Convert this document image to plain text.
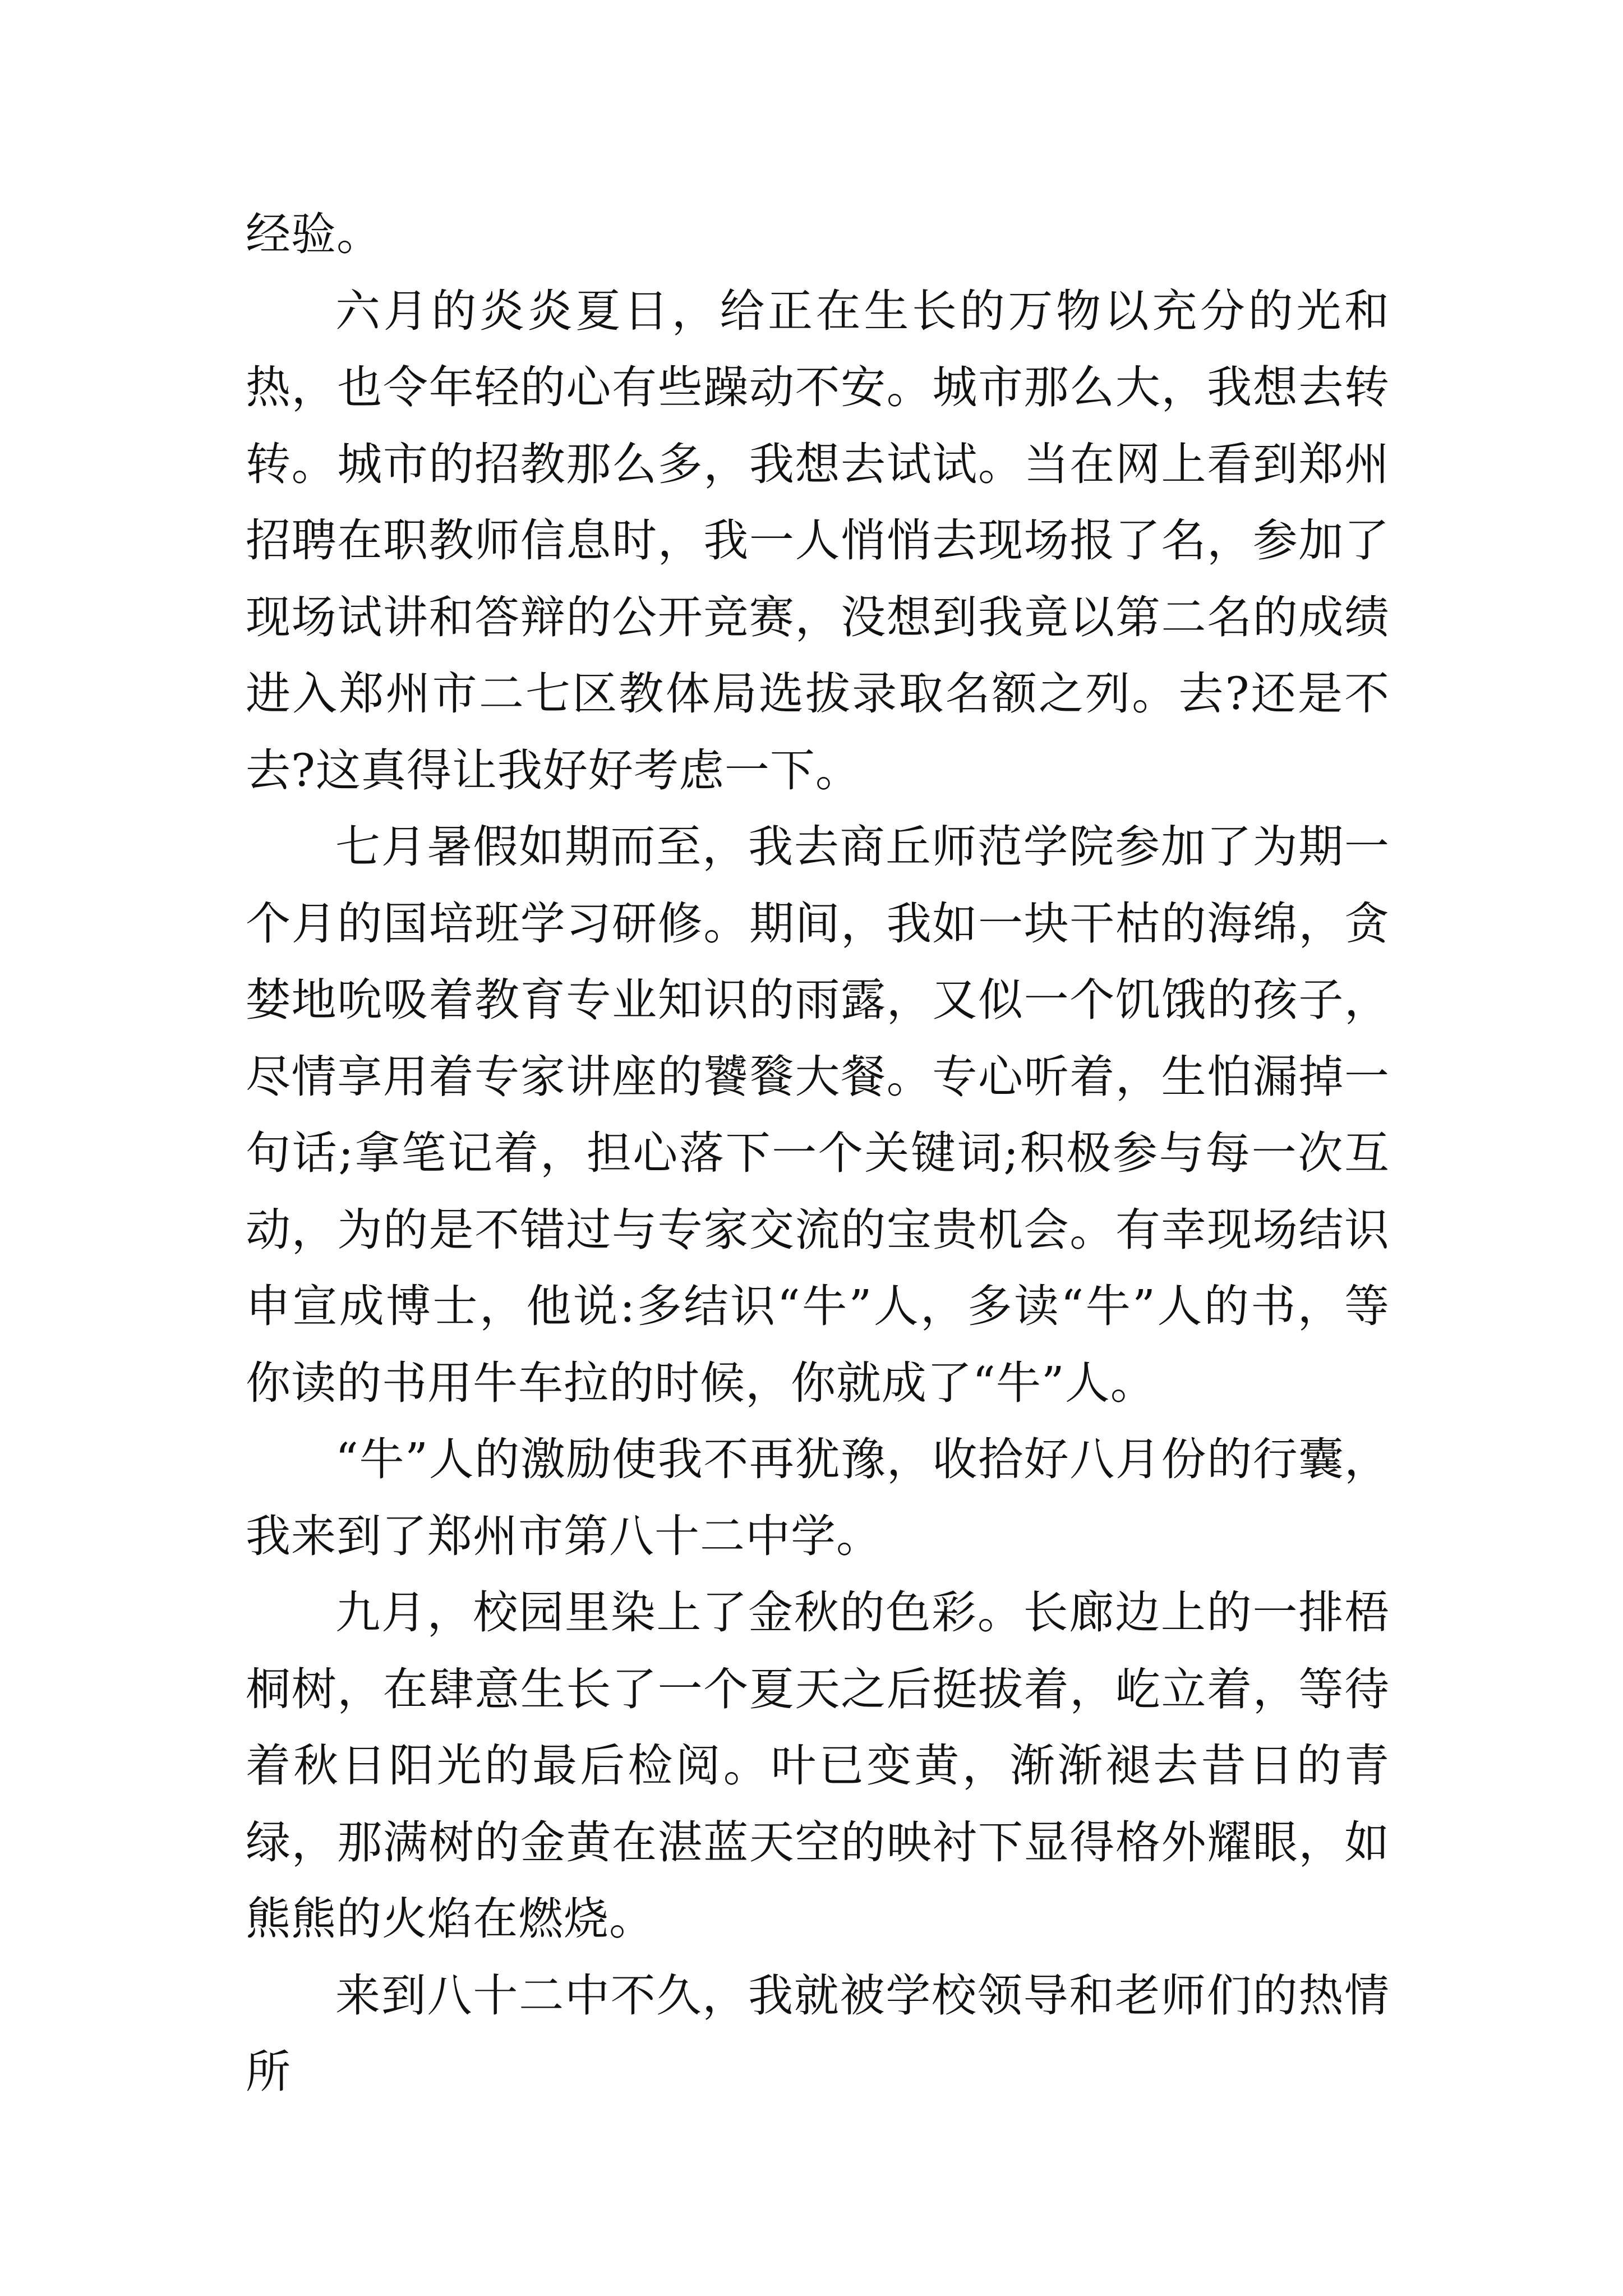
经验。

六月的炎炎夏日，给正在生长的万物以充分的光和热，也令年轻的心有些躁动不安。城市那么大，我想去转转。城市的招教那么多，我想去试试。当在网上看到郑州招聘在职教师信息时，我一人悄悄去现场报了名，参加了现场试讲和答辩的公开竞赛，没想到我竟以第二名的成绩进入郑州市二七区教体局选拔录取名额之列。去?还是不去?这真得让我好好考虑一下。

七月暑假如期而至，我去商丘师范学院参加了为期一个月的国培班学习研修。期间，我如一块干枯的海绵，贪婪地吮吸着教育专业知识的雨露，又似一个饥饿的孩子，尽情享用着专家讲座的饕餮大餐。专心听着，生怕漏掉一句话;拿笔记着，担心落下一个关键词;积极参与每一次互动，为的是不错过与专家交流的宝贵机会。有幸现场结识申宣成博士，他说:多结识“牛”人，多读“牛”人的书，等你读的书用牛车拉的时候，你就成了“牛”人。

“牛”人的激励使我不再犹豫，收拾好八月份的行囊，我来到了郑州市第八十二中学。

九月，校园里染上了金秋的色彩。长廊边上的一排梧桐树，在肆意生长了一个夏天之后挺拔着，屹立着，等待着秋日阳光的最后检阅。叶已变黄，渐渐褪去昔日的青绿，那满树的金黄在湛蓝天空的映衬下显得格外耀眼，如熊熊的火焰在燃烧。

来到八十二中不久，我就被学校领导和老师们的热情所
